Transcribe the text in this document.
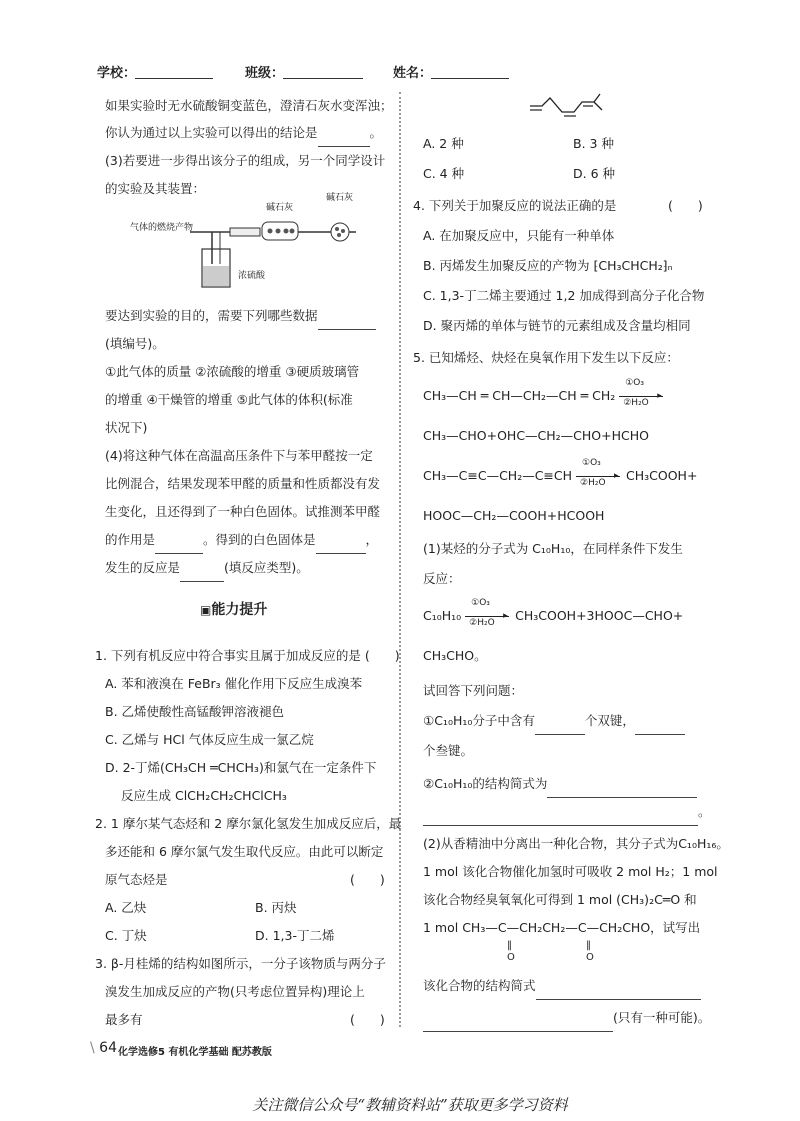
学校：	班级：	姓名：
如果实验时无水硫酸铜变蓝色，澄清石灰水变浑浊；
你认为通过以上实验可以得出的结论是	。
(3)若要进一步得出该分子的组成，另一个同学设计
的实验及其装置：
气体的燃烧产物
碱石灰
碱石灰
浓硫酸
要达到实验的目的，需要下列哪些数据
(填编号)。
①此气体的质量 ②浓硫酸的增重 ③硬质玻璃管
的增重 ④干燥管的增重 ⑤此气体的体积(标准
状况下)
(4)将这种气体在高温高压条件下与苯甲醛按一定
比例混合，结果发现苯甲醛的质量和性质都没有发
生变化，且还得到了一种白色固体。试推测苯甲醛
的作用是	。得到的白色固体是	，
发生的反应是	(填反应类型)。
▣能力提升
1. 下列有机反应中符合事实且属于加成反应的是 (　　)
A. 苯和液溴在 FeBr₃ 催化作用下反应生成溴苯
B. 乙烯使酸性高锰酸钾溶液褪色
C. 乙烯与 HCl 气体反应生成一氯乙烷
D. 2-丁烯(CH₃CH ═CHCH₃)和氯气在一定条件下
反应生成 ClCH₂CH₂CHClCH₃
2. 1 摩尔某气态烃和 2 摩尔氯化氢发生加成反应后，最
多还能和 6 摩尔氯气发生取代反应。由此可以断定
原气态烃是	(　　)
A. 乙炔	B. 丙炔
C. 丁炔	D. 1,3-丁二烯
3. β-月桂烯的结构如图所示，一分子该物质与两分子
溴发生加成反应的产物(只考虑位置异构)理论上
最多有	(　　)
A. 2 种	B. 3 种
C. 4 种	D. 6 种
4. 下列关于加聚反应的说法正确的是	(　　)
A. 在加聚反应中，只能有一种单体
B. 丙烯发生加聚反应的产物为 ⁅CH₃CHCH₂⁆ₙ
C. 1,3-丁二烯主要通过 1,2 加成得到高分子化合物
D. 聚丙烯的单体与链节的元素组成及含量均相同
5. 已知烯烃、炔烃在臭氧作用下发生以下反应：
CH₃—CH ═ CH—CH₂—CH ═ CH₂
①O₃
▸
②H₂O
CH₃—CHO+OHC—CH₂—CHO+HCHO
CH₃—C≡C—CH₂—C≡CH
①O₃
▸
②H₂O CH₃COOH+
HOOC—CH₂—COOH+HCOOH
(1)某烃的分子式为 C₁₀H₁₀，在同样条件下发生
反应：
C₁₀H₁₀
①O₃
▸
②H₂O CH₃COOH+3HOOC—CHO+
CH₃CHO。
试回答下列问题：
①C₁₀H₁₀分子中含有	个双键，
个叁键。
②C₁₀H₁₀的结构简式为
。
(2)从香精油中分离出一种化合物，其分子式为C₁₀H₁₆。
1 mol 该化合物催化加氢时可吸收 2 mol H₂；1 mol
该化合物经臭氧氧化可得到 1 mol (CH₃)₂C═O 和
1 mol CH₃—C—CH₂CH₂—C—CH₂CHO，试写出
‖
O
‖
O
该化合物的结构简式
(只有一种可能)。
\ 64 化学选修5 有机化学基础 配苏教版
关注微信公众号“教辅资料站”获取更多学习资料
